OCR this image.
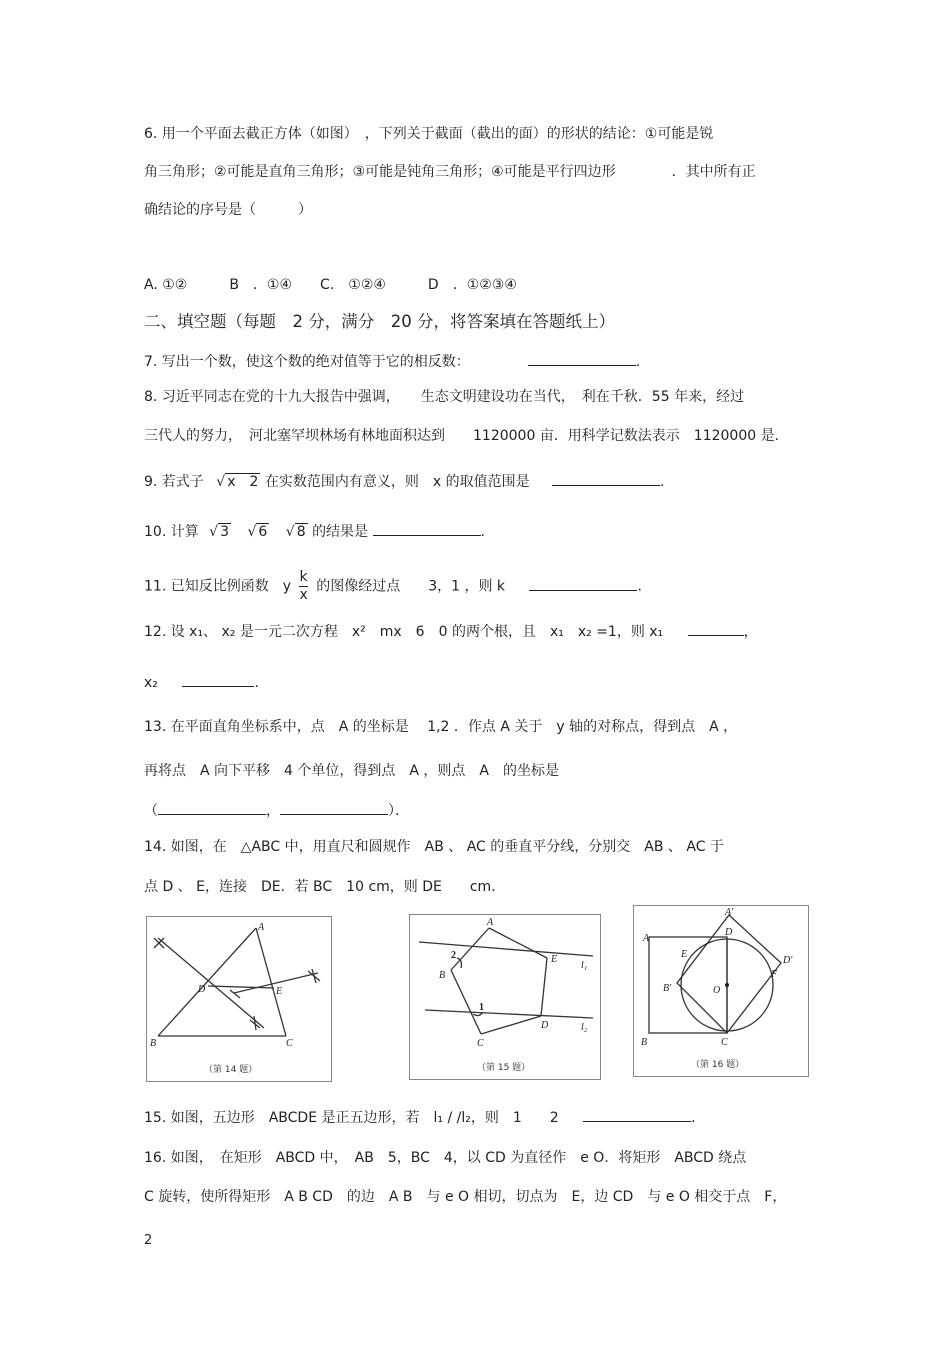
6. 用一个平面去截正方体（如图）　，下列关于截面（截出的面）的形状的结论：①可能是锐
角三角形；②可能是直角三角形；③可能是钝角三角形；④可能是平行四边形　　　　．其中所有正
确结论的序号是（　　　）
A. ①②　　　B　．①④　　C.　①②④　　　D　．①②③④
二、填空题（每题　2 分，满分　20 分，将答案填在答题纸上）
7. 写出一个数，使这个数的绝对值等于它的相反数：	.
8. 习近平同志在党的十九大报告中强调，　　生态文明建设功在当代，　利在千秋．55 年来，经过
三代人的努力，　河北塞罕坝林场有林地面积达到　　1120000 亩．用科学记数法表示　1120000 是.
9. 若式子 √ x　2 在实数范围内有意义，则　x 的取值范围是	.
10. 计算 √ 3 √ 6 √ 8 的结果是	.
11. 已知反比例函数　y $\frac{k}{x}$ 的图像经过点　　3，1 ，则 k	.
12. 设 x₁、 x₂ 是一元二次方程　x²　mx　6　0 的两个根，且　x₁　x₂ =1，则 x₁	，
x₂	.
13. 在平面直角坐标系中，点　A 的坐标是　 1,2 ．作点 A 关于　y 轴的对称点，得到点　A ，
再将点　A 向下平移　4 个单位，得到点　A ，则点　A　的坐标是
（	，	）．
14. 如图，在　△ABC 中，用直尺和圆规作　AB 、 AC 的垂直平分线，分别交　AB 、 AC 于
点 D 、 E，连接　DE．若 BC　10 cm，则 DE　　cm．
A
B	C
D	E
（第 14 题）
A
B
C
D
E
l₁
l₂
1
2
（第 15 题）
A
B	C
D
A'
B'
D'
E
F
O
（第 16 题）
15. 如图，五边形　ABCDE 是正五边形，若　l₁ / /l₂，则　1　　2	.
16. 如图，　在矩形　ABCD 中，　AB　5，BC　4，以 CD 为直径作　e O．将矩形　ABCD 绕点
C 旋转，使所得矩形　A B CD　的边　A B　与 e O 相切，切点为　E，边 CD　与 e O 相交于点　F，
2
